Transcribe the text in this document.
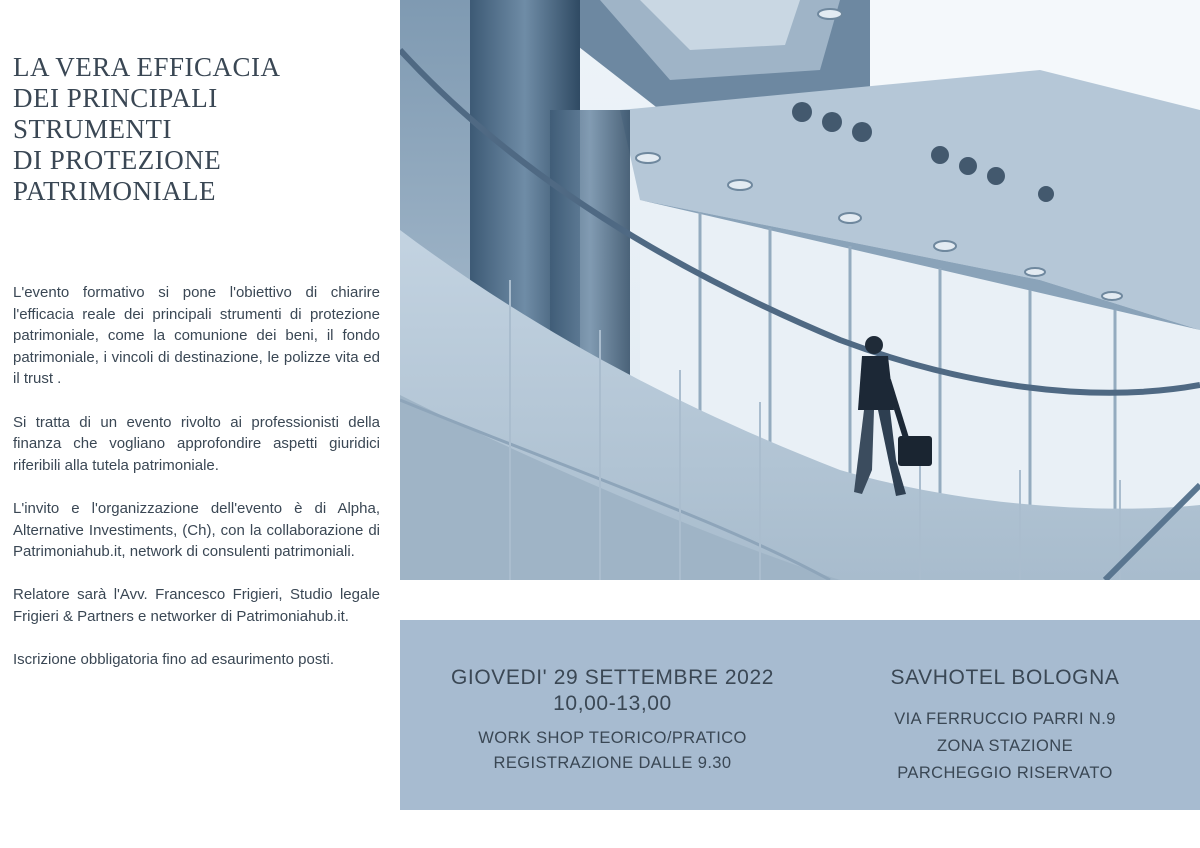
LA VERA EFFICACIA
DEI PRINCIPALI
STRUMENTI
DI PROTEZIONE
PATRIMONIALE

L'evento formativo si pone l'obiettivo di chiarire l'efficacia reale dei principali strumenti di protezione patrimoniale, come la comunione dei beni, il fondo patrimoniale, i vincoli di destinazione, le polizze vita ed il trust .

Si tratta di un evento rivolto ai professionisti della finanza che vogliano approfondire aspetti giuridici riferibili alla tutela patrimoniale.

L'invito e l'organizzazione dell'evento è di Alpha, Alternative Investiments, (Ch), con la collaborazione di Patrimoniahub.it, network di consulenti patrimoniali.

Relatore sarà l'Avv. Francesco Frigieri, Studio legale Frigieri & Partners e networker di Patrimoniahub.it.

Iscrizione obbligatoria fino ad esaurimento posti.

GIOVEDI' 29 SETTEMBRE 2022
10,00-13,00
WORK SHOP TEORICO/PRATICO
REGISTRAZIONE DALLE 9.30
SAVHOTEL BOLOGNA
VIA FERRUCCIO PARRI N.9
ZONA STAZIONE
PARCHEGGIO RISERVATO
